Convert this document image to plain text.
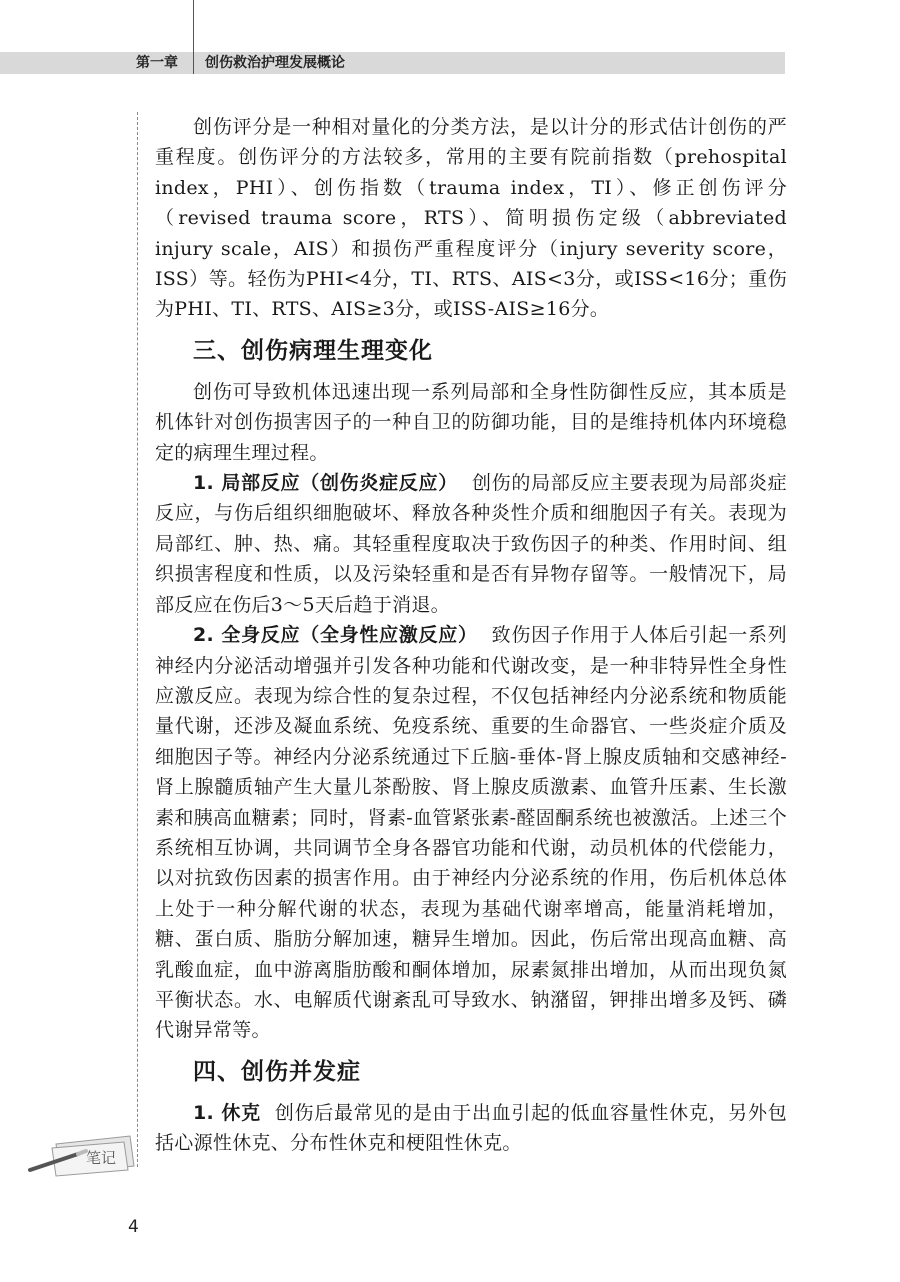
第一章 创伤救治护理发展概论

创伤评分是一种相对量化的分类方法，是以计分的形式估计创伤的严重程度。创伤评分的方法较多，常用的主要有院前指数（prehospital index，PHI）、创伤指数（trauma index，TI）、修正创伤评分（revised trauma score，RTS）、简明损伤定级（abbreviated injury scale，AIS）和损伤严重程度评分（injury severity score，ISS）等。轻伤为PHI<4分，TI、RTS、AIS<3分，或ISS<16分；重伤为PHI、TI、RTS、AIS≥3分，或ISS-AIS≥16分。

三、创伤病理生理变化

创伤可导致机体迅速出现一系列局部和全身性防御性反应，其本质是机体针对创伤损害因子的一种自卫的防御功能，目的是维持机体内环境稳定的病理生理过程。

1. 局部反应（创伤炎症反应） 创伤的局部反应主要表现为局部炎症反应，与伤后组织细胞破坏、释放各种炎性介质和细胞因子有关。表现为局部红、肿、热、痛。其轻重程度取决于致伤因子的种类、作用时间、组织损害程度和性质，以及污染轻重和是否有异物存留等。一般情况下，局部反应在伤后3～5天后趋于消退。

2. 全身反应（全身性应激反应） 致伤因子作用于人体后引起一系列神经内分泌活动增强并引发各种功能和代谢改变，是一种非特异性全身性应激反应。表现为综合性的复杂过程，不仅包括神经内分泌系统和物质能量代谢，还涉及凝血系统、免疫系统、重要的生命器官、一些炎症介质及细胞因子等。神经内分泌系统通过下丘脑-垂体-肾上腺皮质轴和交感神经-肾上腺髓质轴产生大量儿茶酚胺、肾上腺皮质激素、血管升压素、生长激素和胰高血糖素；同时，肾素-血管紧张素-醛固酮系统也被激活。上述三个系统相互协调，共同调节全身各器官功能和代谢，动员机体的代偿能力，以对抗致伤因素的损害作用。由于神经内分泌系统的作用，伤后机体总体上处于一种分解代谢的状态，表现为基础代谢率增高，能量消耗增加，糖、蛋白质、脂肪分解加速，糖异生增加。因此，伤后常出现高血糖、高乳酸血症，血中游离脂肪酸和酮体增加，尿素氮排出增加，从而出现负氮平衡状态。水、电解质代谢紊乱可导致水、钠潴留，钾排出增多及钙、磷代谢异常等。

四、创伤并发症

1. 休克 创伤后最常见的是由于出血引起的低血容量性休克，另外包括心源性休克、分布性休克和梗阻性休克。

笔记
4
